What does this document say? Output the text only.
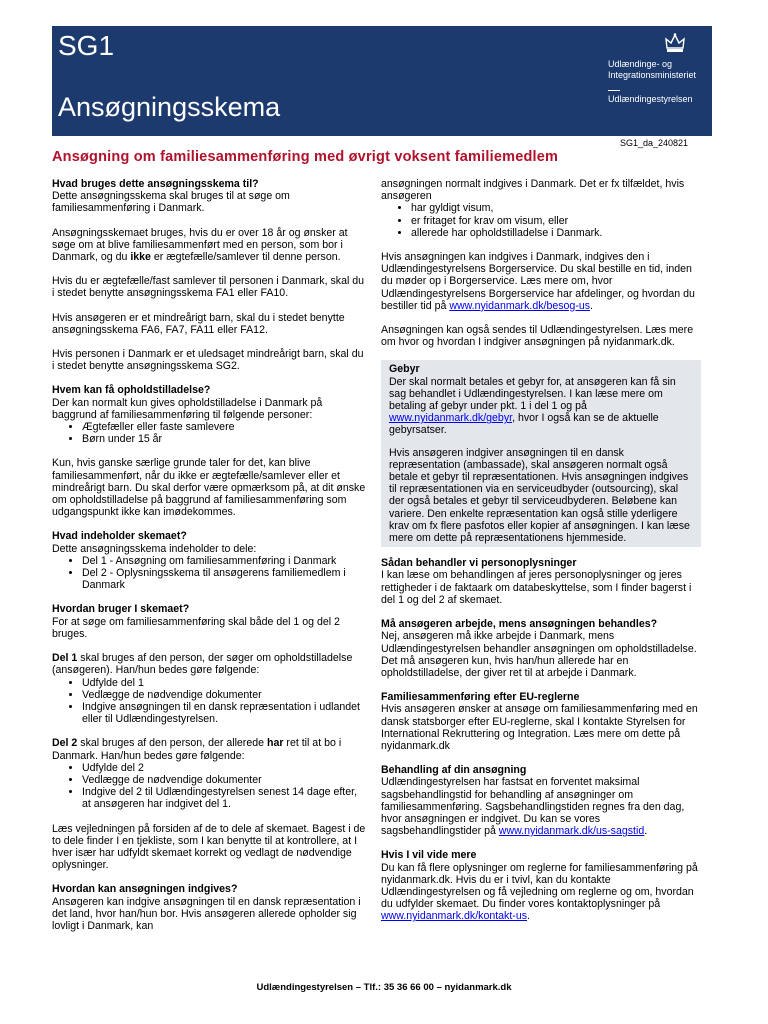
SG1
Ansøgningsskema
Udlændinge- og
Integrationsministeriet
Udlændingestyrelsen
SG1_da_240821
Ansøgning om familiesammenføring med øvrigt voksent familiemedlem
Hvad bruges dette ansøgningsskema til?

Dette ansøgningsskema skal bruges til at søge om familiesammenføring i Danmark.

Ansøgningsskemaet bruges, hvis du er over 18 år og ønsker at søge om at blive familiesammenført med en person, som bor i Danmark, og du ikke er ægtefælle/samlever til denne person.

Hvis du er ægtefælle/fast samlever til personen i Danmark, skal du i stedet benytte ansøgningsskema FA1 eller FA10.

Hvis ansøgeren er et mindreårigt barn, skal du i stedet benytte ansøgningsskema FA6, FA7, FA11 eller FA12.

Hvis personen i Danmark er et uledsaget mindreårigt barn, skal du i stedet benytte ansøgningsskema SG2.

Hvem kan få opholdstilladelse?

Der kan normalt kun gives opholdstilladelse i Danmark på baggrund af familiesammenføring til følgende personer:

• Ægtefæller eller faste samlevere
• Børn under 15 år

Kun, hvis ganske særlige grunde taler for det, kan blive familiesammenført, når du ikke er ægtefælle/samlever eller et mindreårigt barn. Du skal derfor være opmærksom på, at dit ønske om opholdstilladelse på baggrund af familiesammenføring som udgangspunkt ikke kan imødekommes.

Hvad indeholder skemaet?

Dette ansøgningsskema indeholder to dele:

• Del 1 - Ansøgning om familiesammenføring i Danmark
• Del 2 - Oplysningsskema til ansøgerens familiemedlem i Danmark
Hvordan bruger I skemaet?

For at søge om familiesammenføring skal både del 1 og del 2 bruges.

Del 1 skal bruges af den person, der søger om opholdstilladelse (ansøgeren). Han/hun bedes gøre følgende:

• Udfylde del 1
• Vedlægge de nødvendige dokumenter
• Indgive ansøgningen til en dansk repræsentation i udlandet eller til Udlændingestyrelsen.

Del 2 skal bruges af den person, der allerede har ret til at bo i Danmark. Han/hun bedes gøre følgende:

• Udfylde del 2
• Vedlægge de nødvendige dokumenter
• Indgive del 2 til Udlændingestyrelsen senest 14 dage efter, at ansøgeren har indgivet del 1.

Læs vejledningen på forsiden af de to dele af skemaet. Bagest i de to dele finder I en tjekliste, som I kan benytte til at kontrollere, at I hver især har udfyldt skemaet korrekt og vedlagt de nødvendige oplysninger.

Hvordan kan ansøgningen indgives?

Ansøgeren kan indgive ansøgningen til en dansk repræsentation i det land, hvor han/hun bor. Hvis ansøgeren allerede opholder sig lovligt i Danmark, kan

ansøgningen normalt indgives i Danmark. Det er fx tilfældet, hvis ansøgeren

• har gyldigt visum,
• er fritaget for krav om visum, eller
• allerede har opholdstilladelse i Danmark.

Hvis ansøgningen kan indgives i Danmark, indgives den i Udlændingestyrelsens Borgerservice. Du skal bestille en tid, inden du møder op i Borgerservice. Læs mere om, hvor Udlændingestyrelsens Borgerservice har afdelinger, og hvordan du bestiller tid på www.nyidanmark.dk/besog-us.

Ansøgningen kan også sendes til Udlændingestyrelsen. Læs mere om hvor og hvordan I indgiver ansøgningen på nyidanmark.dk.

Gebyr

Der skal normalt betales et gebyr for, at ansøgeren kan få sin sag behandlet i Udlændingestyrelsen. I kan læse mere om betaling af gebyr under pkt. 1 i del 1 og på www.nyidanmark.dk/gebyr, hvor I også kan se de aktuelle gebyrsatser.

Hvis ansøgeren indgiver ansøgningen til en dansk repræsentation (ambassade), skal ansøgeren normalt også betale et gebyr til repræsentationen. Hvis ansøgningen indgives til repræsentationen via en serviceudbyder (outsourcing), skal der også betales et gebyr til serviceudbyderen. Beløbene kan variere. Den enkelte repræsentation kan også stille yderligere krav om fx flere pasfotos eller kopier af ansøgningen. I kan læse mere om dette på repræsentationens hjemmeside.

Sådan behandler vi personoplysninger

I kan læse om behandlingen af jeres personoplysninger og jeres rettigheder i de faktaark om databeskyttelse, som I finder bagerst i del 1 og del 2 af skemaet.

Må ansøgeren arbejde, mens ansøgningen behandles?

Nej, ansøgeren må ikke arbejde i Danmark, mens Udlændingestyrelsen behandler ansøgningen om opholdstilladelse. Det må ansøgeren kun, hvis han/hun allerede har en opholdstilladelse, der giver ret til at arbejde i Danmark.

Familiesammenføring efter EU-reglerne

Hvis ansøgeren ønsker at ansøge om familiesammenføring med en dansk statsborger efter EU-reglerne, skal I kontakte Styrelsen for International Rekruttering og Integration. Læs mere om dette på nyidanmark.dk

Behandling af din ansøgning

Udlændingestyrelsen har fastsat en forventet maksimal sagsbehandlingstid for behandling af ansøgninger om familiesammenføring. Sagsbehandlingstiden regnes fra den dag, hvor ansøgningen er indgivet. Du kan se vores sagsbehandlingstider på www.nyidanmark.dk/us-sagstid.

Hvis I vil vide mere

Du kan få flere oplysninger om reglerne for familiesammenføring på nyidanmark.dk. Hvis du er i tvivl, kan du kontakte Udlændingestyrelsen og få vejledning om reglerne og om, hvordan du udfylder skemaet. Du finder vores kontaktoplysninger på www.nyidanmark.dk/kontakt-us.

Udlændingestyrelsen – Tlf.: 35 36 66 00 – nyidanmark.dk
